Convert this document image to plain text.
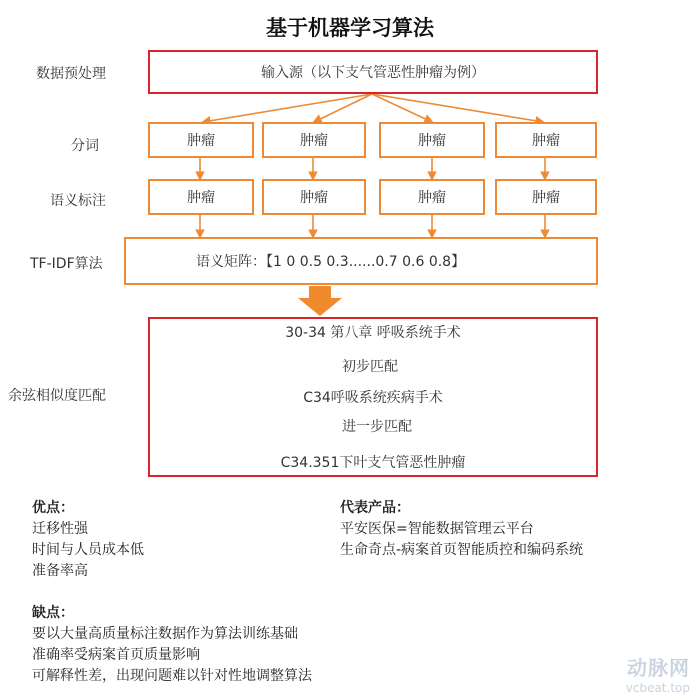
基于机器学习算法
数据预处理
分词
语义标注
TF-IDF算法
余弦相似度匹配
输入源（以下支气管恶性肿瘤为例）
肿瘤	肿瘤	肿瘤	肿瘤
肿瘤	肿瘤	肿瘤	肿瘤
语义矩阵：【1 0 0.5 0.3......0.7 0.6 0.8】
30-34 第八章 呼吸系统手术
初步匹配
C34呼吸系统疾病手术
进一步匹配
C34.351下叶支气管恶性肿瘤
优点：
迁移性强
时间与人员成本低
准备率高
代表产品：
平安医保=智能数据管理云平台
生命奇点-病案首页智能质控和编码系统
缺点：
要以大量高质量标注数据作为算法训练基础
准确率受病案首页质量影响
可解释性差，出现问题难以针对性地调整算法	动脉网
vcbeat.top
